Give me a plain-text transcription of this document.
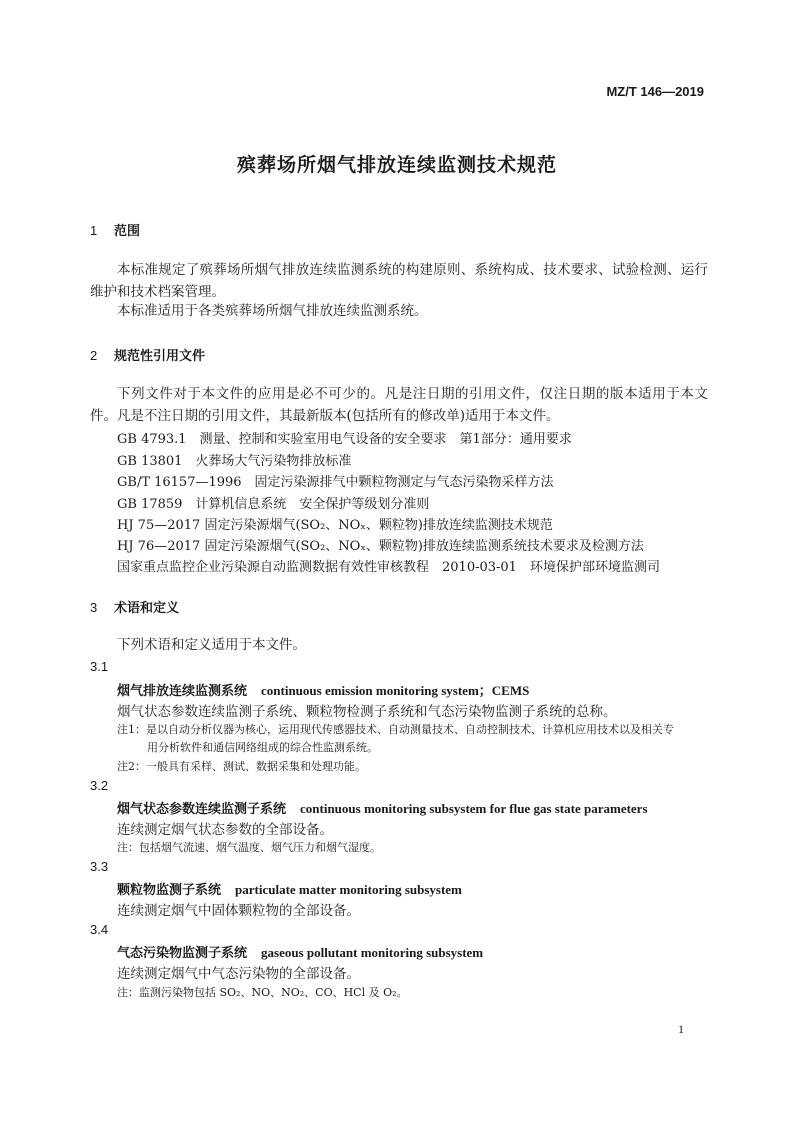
MZ/T 146—2019
殡葬场所烟气排放连续监测技术规范
1 范围
本标准规定了殡葬场所烟气排放连续监测系统的构建原则、系统构成、技术要求、试验检测、运行维护和技术档案管理。
本标准适用于各类殡葬场所烟气排放连续监测系统。
2 规范性引用文件
下列文件对于本文件的应用是必不可少的。凡是注日期的引用文件，仅注日期的版本适用于本文件。凡是不注日期的引用文件，其最新版本(包括所有的修改单)适用于本文件。
GB 4793.1　测量、控制和实验室用电气设备的安全要求　第1部分：通用要求
GB 13801　火葬场大气污染物排放标准
GB/T 16157—1996　固定污染源排气中颗粒物测定与气态污染物采样方法
GB 17859　计算机信息系统　安全保护等级划分准则
HJ 75—2017 固定污染源烟气(SO₂、NOₓ、颗粒物)排放连续监测技术规范
HJ 76—2017 固定污染源烟气(SO₂、NOₓ、颗粒物)排放连续监测系统技术要求及检测方法
国家重点监控企业污染源自动监测数据有效性审核教程　2010-03-01　环境保护部环境监测司
3 术语和定义
下列术语和定义适用于本文件。
3.1
烟气排放连续监测系统 continuous emission monitoring system；CEMS
烟气状态参数连续监测子系统、颗粒物检测子系统和气态污染物监测子系统的总称。
注1：是以自动分析仪器为核心，运用现代传感器技术、自动测量技术、自动控制技术、计算机应用技术以及相关专
用分析软件和通信网络组成的综合性监测系统。
注2：一般具有采样、测试、数据采集和处理功能。
3.2
烟气状态参数连续监测子系统 continuous monitoring subsystem for flue gas state parameters
连续测定烟气状态参数的全部设备。
注：包括烟气流速、烟气温度、烟气压力和烟气湿度。
3.3
颗粒物监测子系统 particulate matter monitoring subsystem
连续测定烟气中固体颗粒物的全部设备。
3.4
气态污染物监测子系统 gaseous pollutant monitoring subsystem
连续测定烟气中气态污染物的全部设备。
注：监测污染物包括 SO₂、NO、NO₂、CO、HCl 及 O₂。
1
